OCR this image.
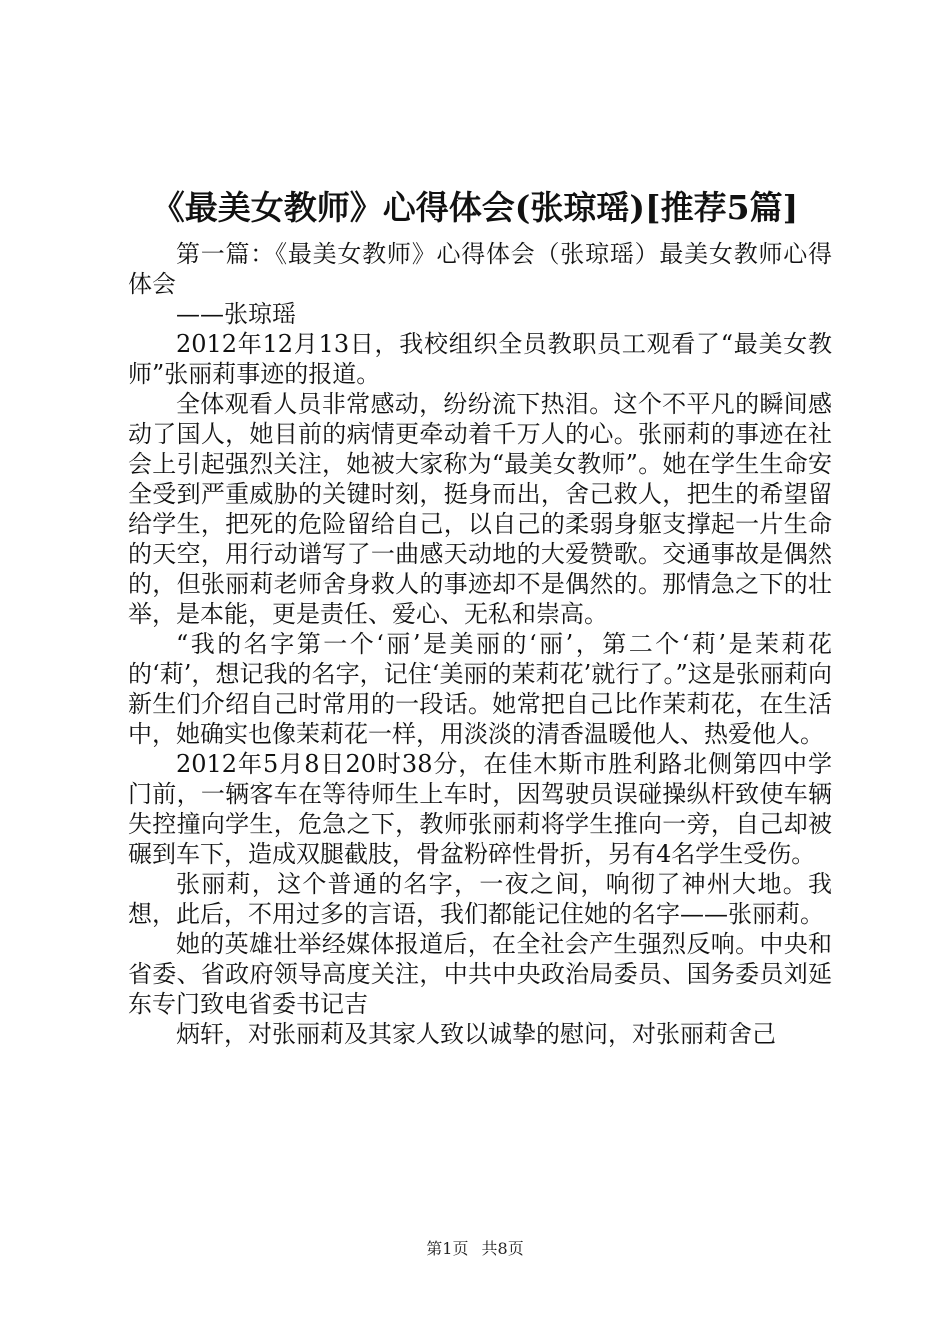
《最美女教师》心得体会(张琼瑶)[推荐5篇]

第一篇：《最美女教师》心得体会（张琼瑶）最美女教师心得体会

——张琼瑶

2012年12月13日，我校组织全员教职员工观看了“最美女教师”张丽莉事迹的报道。

全体观看人员非常感动，纷纷流下热泪。这个不平凡的瞬间感动了国人，她目前的病情更牵动着千万人的心。张丽莉的事迹在社会上引起强烈关注，她被大家称为“最美女教师”。她在学生生命安全受到严重威胁的关键时刻，挺身而出，舍己救人，把生的希望留给学生，把死的危险留给自己，以自己的柔弱身躯支撑起一片生命的天空，用行动谱写了一曲感天动地的大爱赞歌。交通事故是偶然的，但张丽莉老师舍身救人的事迹却不是偶然的。那情急之下的壮举，是本能，更是责任、爱心、无私和崇高。

“我的名字第一个‘丽’是美丽的‘丽’，第二个‘莉’是茉莉花的‘莉’，想记我的名字，记住‘美丽的茉莉花’就行了。”这是张丽莉向新生们介绍自己时常用的一段话。她常把自己比作茉莉花，在生活中，她确实也像茉莉花一样，用淡淡的清香温暖他人、热爱他人。

2012年5月8日20时38分，在佳木斯市胜利路北侧第四中学门前，一辆客车在等待师生上车时，因驾驶员误碰操纵杆致使车辆失控撞向学生，危急之下，教师张丽莉将学生推向一旁，自己却被碾到车下，造成双腿截肢，骨盆粉碎性骨折，另有4名学生受伤。

张丽莉，这个普通的名字，一夜之间，响彻了神州大地。我想，此后，不用过多的言语，我们都能记住她的名字——张丽莉。

她的英雄壮举经媒体报道后，在全社会产生强烈反响。中央和省委、省政府领导高度关注，中共中央政治局委员、国务委员刘延东专门致电省委书记吉

炳轩，对张丽莉及其家人致以诚挚的慰问，对张丽莉舍己

第1页 共8页
